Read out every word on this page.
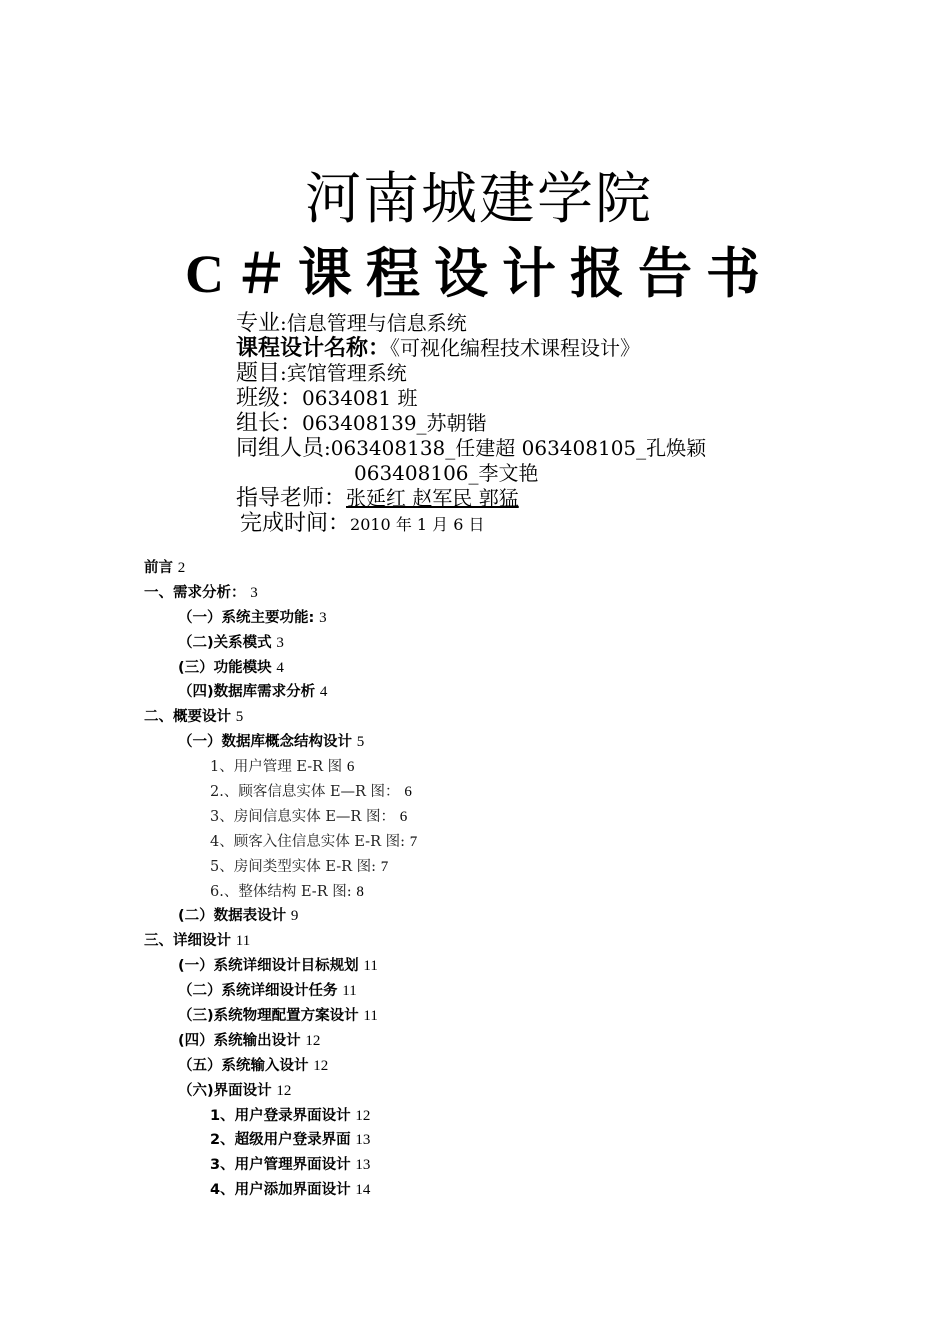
河南城建学院
C＃课程设计报告书
专业:信息管理与信息系统
课程设计名称：《可视化编程技术课程设计》
题目:宾馆管理系统
班级：0634081 班
组长：063408139_苏朝锴
同组人员:063408138_任建超 063408105_孔焕颖
063408106_李文艳
指导老师：张延红 赵军民 郭猛
完成时间：2010 年 1 月 6 日
前言 2
一、需求分析： 3
（一）系统主要功能: 3
（二)关系模式 3
(三）功能模块 4
（四)数据库需求分析 4
二、概要设计 5
（一）数据库概念结构设计 5
1、用户管理 E-R 图 6
2.、顾客信息实体 E—R 图： 6
3、房间信息实体 E—R 图： 6
4、顾客入住信息实体 E-R 图: 7
5、房间类型实体 E-R 图: 7
6.、整体结构 E-R 图: 8
(二）数据表设计 9
三、详细设计 11
(一）系统详细设计目标规划 11
（二）系统详细设计任务 11
（三)系统物理配置方案设计 11
(四）系统输出设计 12
（五）系统输入设计 12
（六)界面设计 12
1、用户登录界面设计 12
2、超级用户登录界面 13
3、用户管理界面设计 13
4、用户添加界面设计 14
